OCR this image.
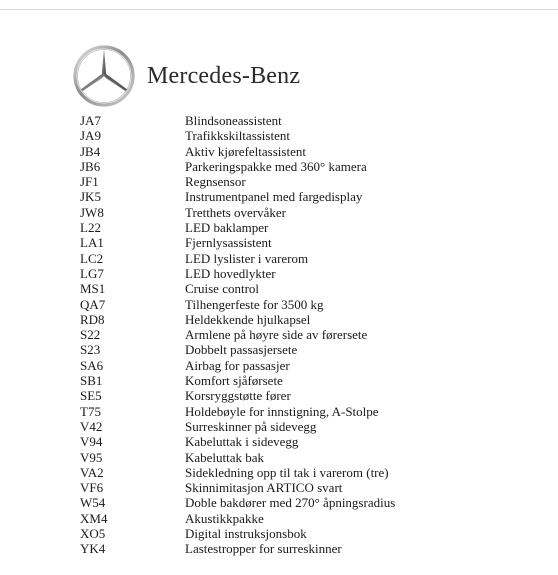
Mercedes-Benz
JA7	Blindsoneassistent
JA9	Trafikkskiltassistent
JB4	Aktiv kjørefeltassistent
JB6	Parkeringspakke med 360° kamera
JF1	Regnsensor
JK5	Instrumentpanel med fargedisplay
JW8	Tretthets overvåker
L22	LED baklamper
LA1	Fjernlysassistent
LC2	LED lyslister i varerom
LG7	LED hovedlykter
MS1	Cruise control
QA7	Tilhengerfeste for 3500 kg
RD8	Heldekkende hjulkapsel
S22	Armlene på høyre side av førersete
S23	Dobbelt passasjersete
SA6	Airbag for passasjer
SB1	Komfort sjåførsete
SE5	Korsryggstøtte fører
T75	Holdebøyle for innstigning, A-Stolpe
V42	Surreskinner på sidevegg
V94	Kabeluttak i sidevegg
V95	Kabeluttak bak
VA2	Sidekledning opp til tak i varerom (tre)
VF6	Skinnimitasjon ARTICO svart
W54	Doble bakdører med 270° åpningsradius
XM4	Akustikkpakke
XO5	Digital instruksjonsbok
YK4	Lastestropper for surreskinner
